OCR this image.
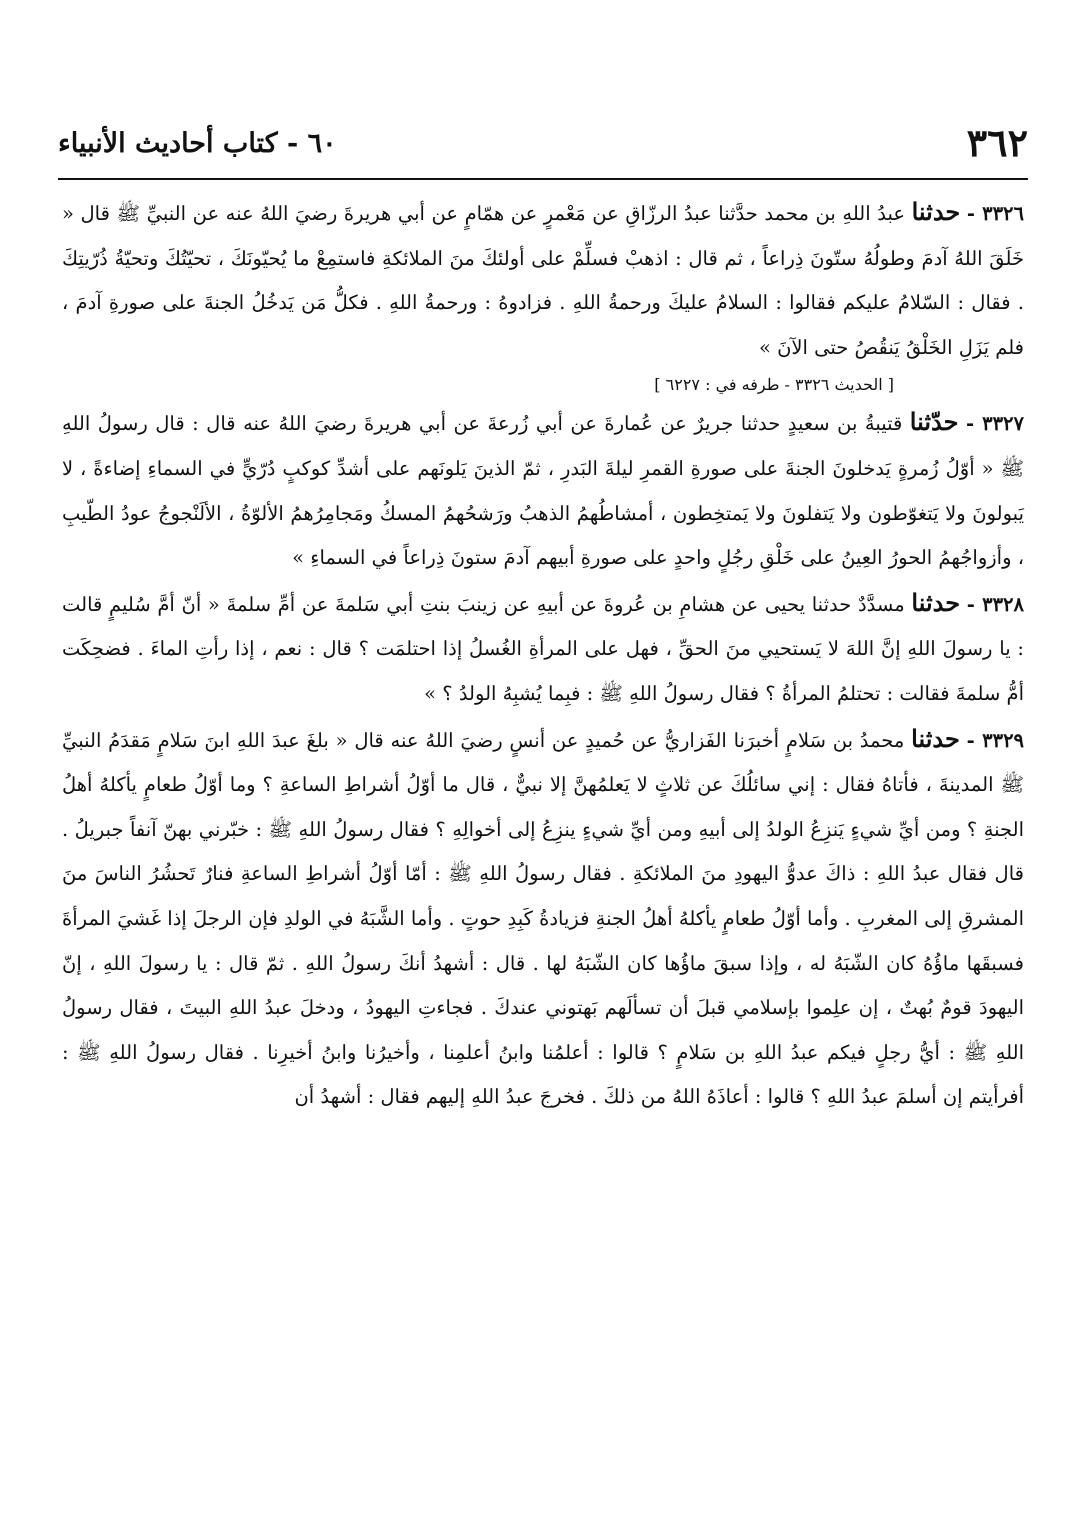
٣٦٢
٦٠ - كتاب أحاديث الأنبياء

٣٣٢٦ - حدثنا عبدُ اللهِ بن محمد حدَّثنا عبدُ الرزّاقِ عن مَعْمرٍ عن همّامٍ عن أبي هريرةَ رضيَ اللهُ عنه عن النبيِّ ﷺ قال « خَلَقَ اللهُ آدمَ وطولُهُ ستّونَ ذِراعاً ، ثم قال : اذهبْ فسلِّمْ على أولئكَ منَ الملائكةِ فاستمِعْ ما يُحيّونَكَ ، تحيّتُكَ وتحيّةُ ذُرّيتِكَ . فقال : السّلامُ عليكم فقالوا : السلامُ عليكَ ورحمةُ اللهِ . فزادوهُ : ورحمةُ اللهِ . فكلُّ مَن يَدخُلُ الجنةَ على صورةِ آدمَ ، فلم يَزَلِ الخَلْقُ يَنقُصُ حتى الآنَ »

[ الحديث ٣٣٢٦ - طرفه في : ٦٢٢٧ ]

٣٣٢٧ - حدّثنا قتيبةُ بن سعيدٍ حدثنا جريرٌ عن عُمارةَ عن أبي زُرعةَ عن أبي هريرةَ رضيَ اللهُ عنه قال : قال رسولُ اللهِ ﷺ « أوّلُ زُمرةٍ يَدخلونَ الجنةَ على صورةِ القمرِ ليلةَ البَدرِ ، ثمّ الذينَ يَلونَهم على أشدِّ كوكبٍ دُرّيٍّ في السماءِ إضاءةً ، لا يَبولونَ ولا يَتغوّطون ولا يَتفلونَ ولا يَمتخِطون ، أمشاطُهمُ الذهبُ ورَشحُهمُ المسكُ ومَجامِرُهمُ الألوّةُ ، الألَنْجوجُ عودُ الطّيبِ ، وأزواجُهمُ الحورُ العِينُ على خَلْقِ رجُلٍ واحدٍ على صورةِ أبيهم آدمَ ستونَ ذِراعاً في السماءِ »

٣٣٢٨ - حدثنا مسدَّدٌ حدثنا يحيى عن هشامِ بن عُروةَ عن أبيهِ عن زينبَ بنتِ أبي سَلمةَ عن أمِّ سلمةَ « أنّ أمَّ سُليمٍ قالت : يا رسولَ اللهِ إنَّ اللهَ لا يَستحيي منَ الحقِّ ، فهل على المرأةِ الغُسلُ إذا احتلمَت ؟ قال : نعم ، إذا رأتِ الماءَ . فضحِكَت أمُّ سلمةَ فقالت : تحتلمُ المرأةُ ؟ فقال رسولُ اللهِ ﷺ : فبِما يُشبِهُ الولدُ ؟ »

٣٣٢٩ - حدثنا محمدُ بن سَلامٍ أخبرَنا الفَزاريُّ عن حُميدٍ عن أنسٍ رضيَ اللهُ عنه قال « بلغَ عبدَ اللهِ ابنَ سَلامٍ مَقدَمُ النبيِّ ﷺ المدينةَ ، فأتاهُ فقال : إني سائلُكَ عن ثلاثٍ لا يَعلمُهنَّ إلا نبيٌّ ، قال ما أوّلُ أشراطِ الساعةِ ؟ وما أوّلُ طعامٍ يأكلهُ أهلُ الجنةِ ؟ ومن أيِّ شيءٍ يَنزِعُ الولدُ إلى أبيهِ ومن أيِّ شيءٍ ينزِعُ إلى أخوالِهِ ؟ فقال رسولُ اللهِ ﷺ : خبّرني بهنّ آنفاً جبريلُ . قال فقال عبدُ اللهِ : ذاكَ عدوُّ اليهودِ منَ الملائكةِ . فقال رسولُ اللهِ ﷺ : أمّا أوّلُ أشراطِ الساعةِ فنارٌ تَحشُرُ الناسَ منَ المشرقِ إلى المغربِ . وأما أوّلُ طعامٍ يأكلهُ أهلُ الجنةِ فزيادةُ كَبِدِ حوتٍ . وأما الشَّبَهُ في الولدِ فإن الرجلَ إذا غَشيَ المرأةَ فسبقَها ماؤُهُ كان الشّبَهُ له ، وإذا سبقَ ماؤُها كان الشّبَهُ لها . قال : أشهدُ أنكَ رسولُ اللهِ . ثمّ قال : يا رسولَ اللهِ ، إنّ اليهودَ قومٌ بُهتٌ ، إن علِموا بإسلامي قبلَ أن تسألَهم بَهتوني عندكَ . فجاءتِ اليهودُ ، ودخلَ عبدُ اللهِ البيتَ ، فقال رسولُ اللهِ ﷺ : أيُّ رجلٍ فيكم عبدُ اللهِ بن سَلامٍ ؟ قالوا : أعلمُنا وابنُ أعلمِنا ، وأخيرُنا وابنُ أخيرِنا . فقال رسولُ اللهِ ﷺ : أفرأيتم إن أسلمَ عبدُ اللهِ ؟ قالوا : أعاذَهُ اللهُ من ذلكَ . فخرجَ عبدُ اللهِ إليهم فقال : أشهدُ أن
